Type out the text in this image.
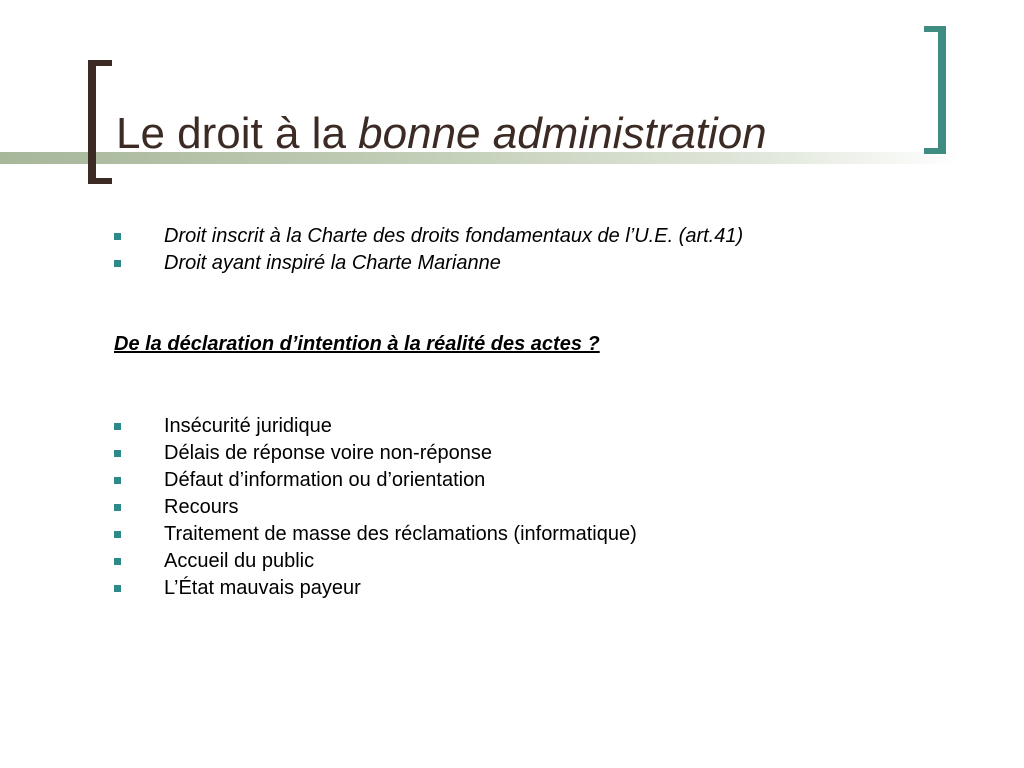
Le droit à la bonne administration
Droit inscrit à la Charte des droits fondamentaux de l’U.E. (art.41)
Droit ayant inspiré la Charte Marianne

De la déclaration d’intention à la réalité des actes ?

Insécurité juridique
Délais de réponse voire non-réponse
Défaut d’information ou d’orientation
Recours
Traitement de masse des réclamations (informatique)
Accueil du public
L’État mauvais payeur
